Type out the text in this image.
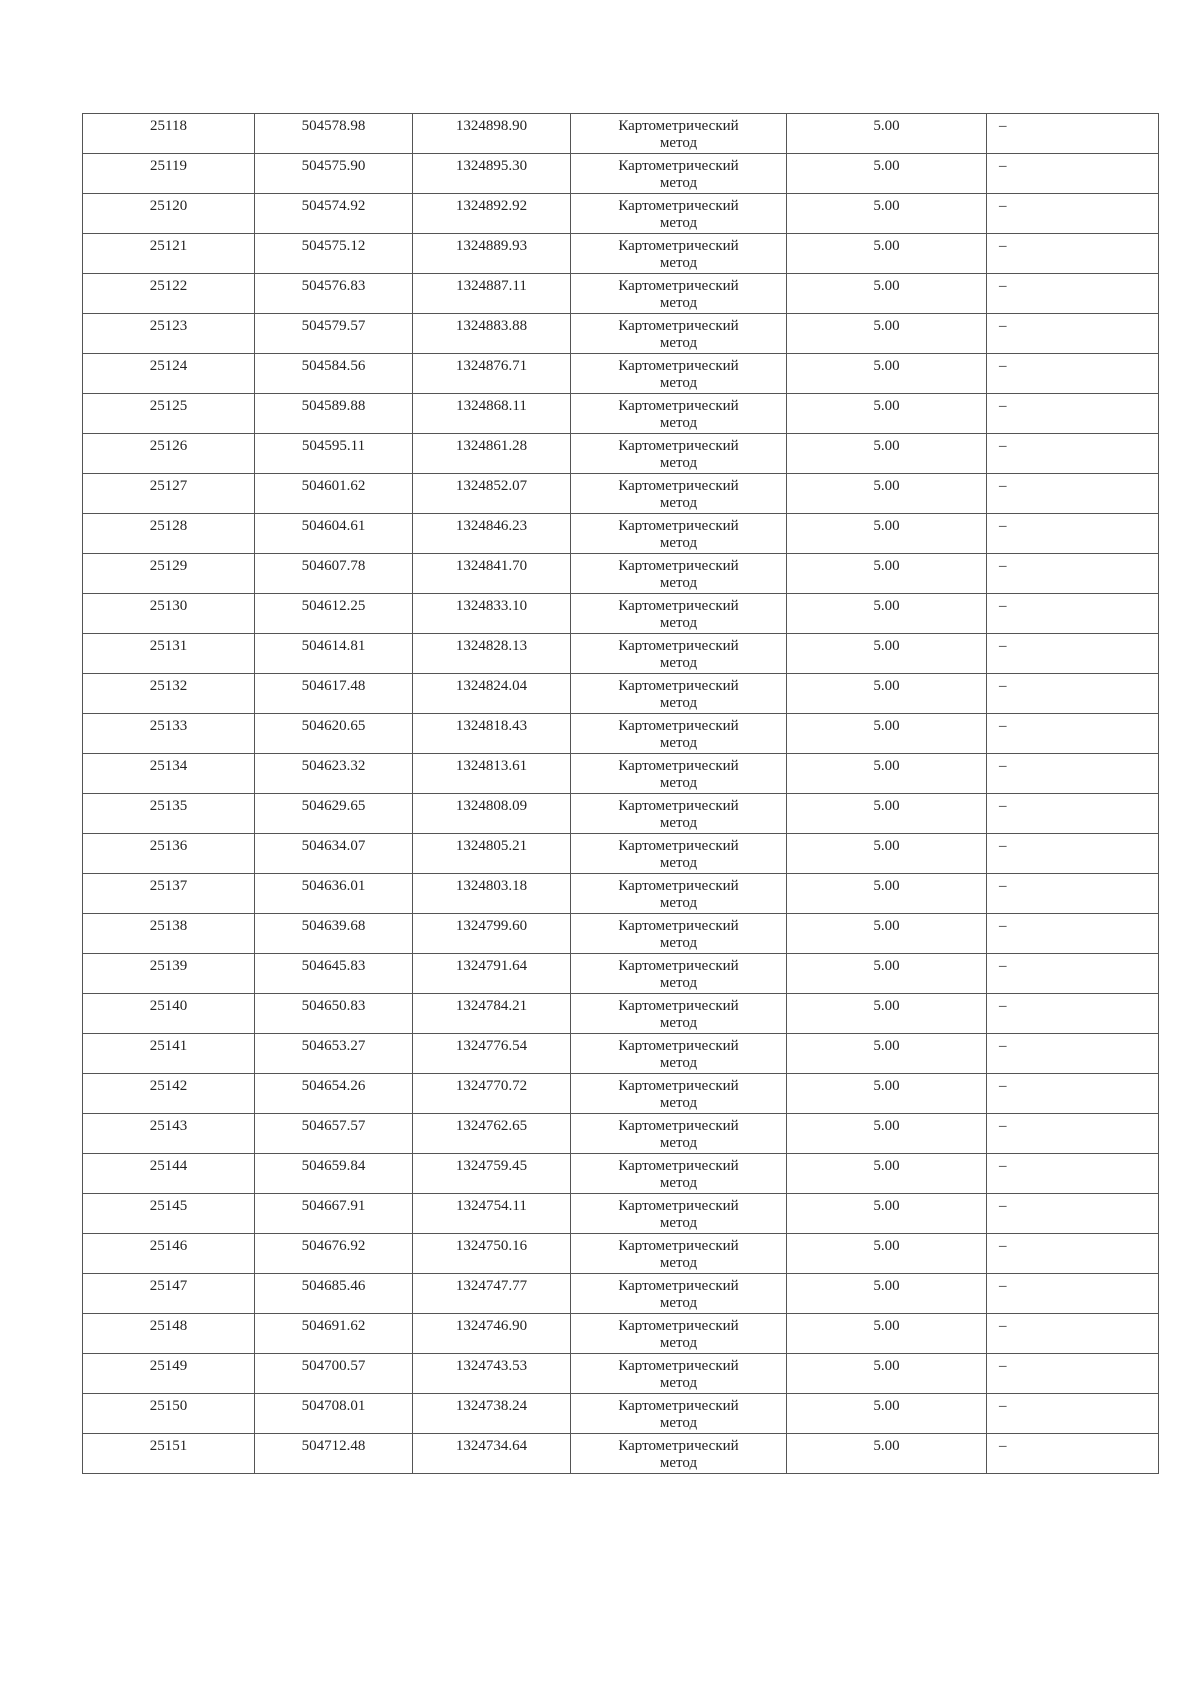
25118	504578.98	1324898.90	Картометрический
метод	5.00	–

25119	504575.90	1324895.30	Картометрический
метод	5.00	–

25120	504574.92	1324892.92	Картометрический
метод	5.00	–

25121	504575.12	1324889.93	Картометрический
метод	5.00	–

25122	504576.83	1324887.11	Картометрический
метод	5.00	–

25123	504579.57	1324883.88	Картометрический
метод	5.00	–

25124	504584.56	1324876.71	Картометрический
метод	5.00	–

25125	504589.88	1324868.11	Картометрический
метод	5.00	–

25126	504595.11	1324861.28	Картометрический
метод	5.00	–

25127	504601.62	1324852.07	Картометрический
метод	5.00	–

25128	504604.61	1324846.23	Картометрический
метод	5.00	–

25129	504607.78	1324841.70	Картометрический
метод	5.00	–

25130	504612.25	1324833.10	Картометрический
метод	5.00	–

25131	504614.81	1324828.13	Картометрический
метод	5.00	–

25132	504617.48	1324824.04	Картометрический
метод	5.00	–

25133	504620.65	1324818.43	Картометрический
метод	5.00	–

25134	504623.32	1324813.61	Картометрический
метод	5.00	–

25135	504629.65	1324808.09	Картометрический
метод	5.00	–

25136	504634.07	1324805.21	Картометрический
метод	5.00	–

25137	504636.01	1324803.18	Картометрический
метод	5.00	–

25138	504639.68	1324799.60	Картометрический
метод	5.00	–

25139	504645.83	1324791.64	Картометрический
метод	5.00	–

25140	504650.83	1324784.21	Картометрический
метод	5.00	–

25141	504653.27	1324776.54	Картометрический
метод	5.00	–

25142	504654.26	1324770.72	Картометрический
метод	5.00	–

25143	504657.57	1324762.65	Картометрический
метод	5.00	–

25144	504659.84	1324759.45	Картометрический
метод	5.00	–

25145	504667.91	1324754.11	Картометрический
метод	5.00	–

25146	504676.92	1324750.16	Картометрический
метод	5.00	–

25147	504685.46	1324747.77	Картометрический
метод	5.00	–

25148	504691.62	1324746.90	Картометрический
метод	5.00	–

25149	504700.57	1324743.53	Картометрический
метод	5.00	–

25150	504708.01	1324738.24	Картометрический
метод	5.00	–

25151	504712.48	1324734.64	Картометрический
метод	5.00	–
